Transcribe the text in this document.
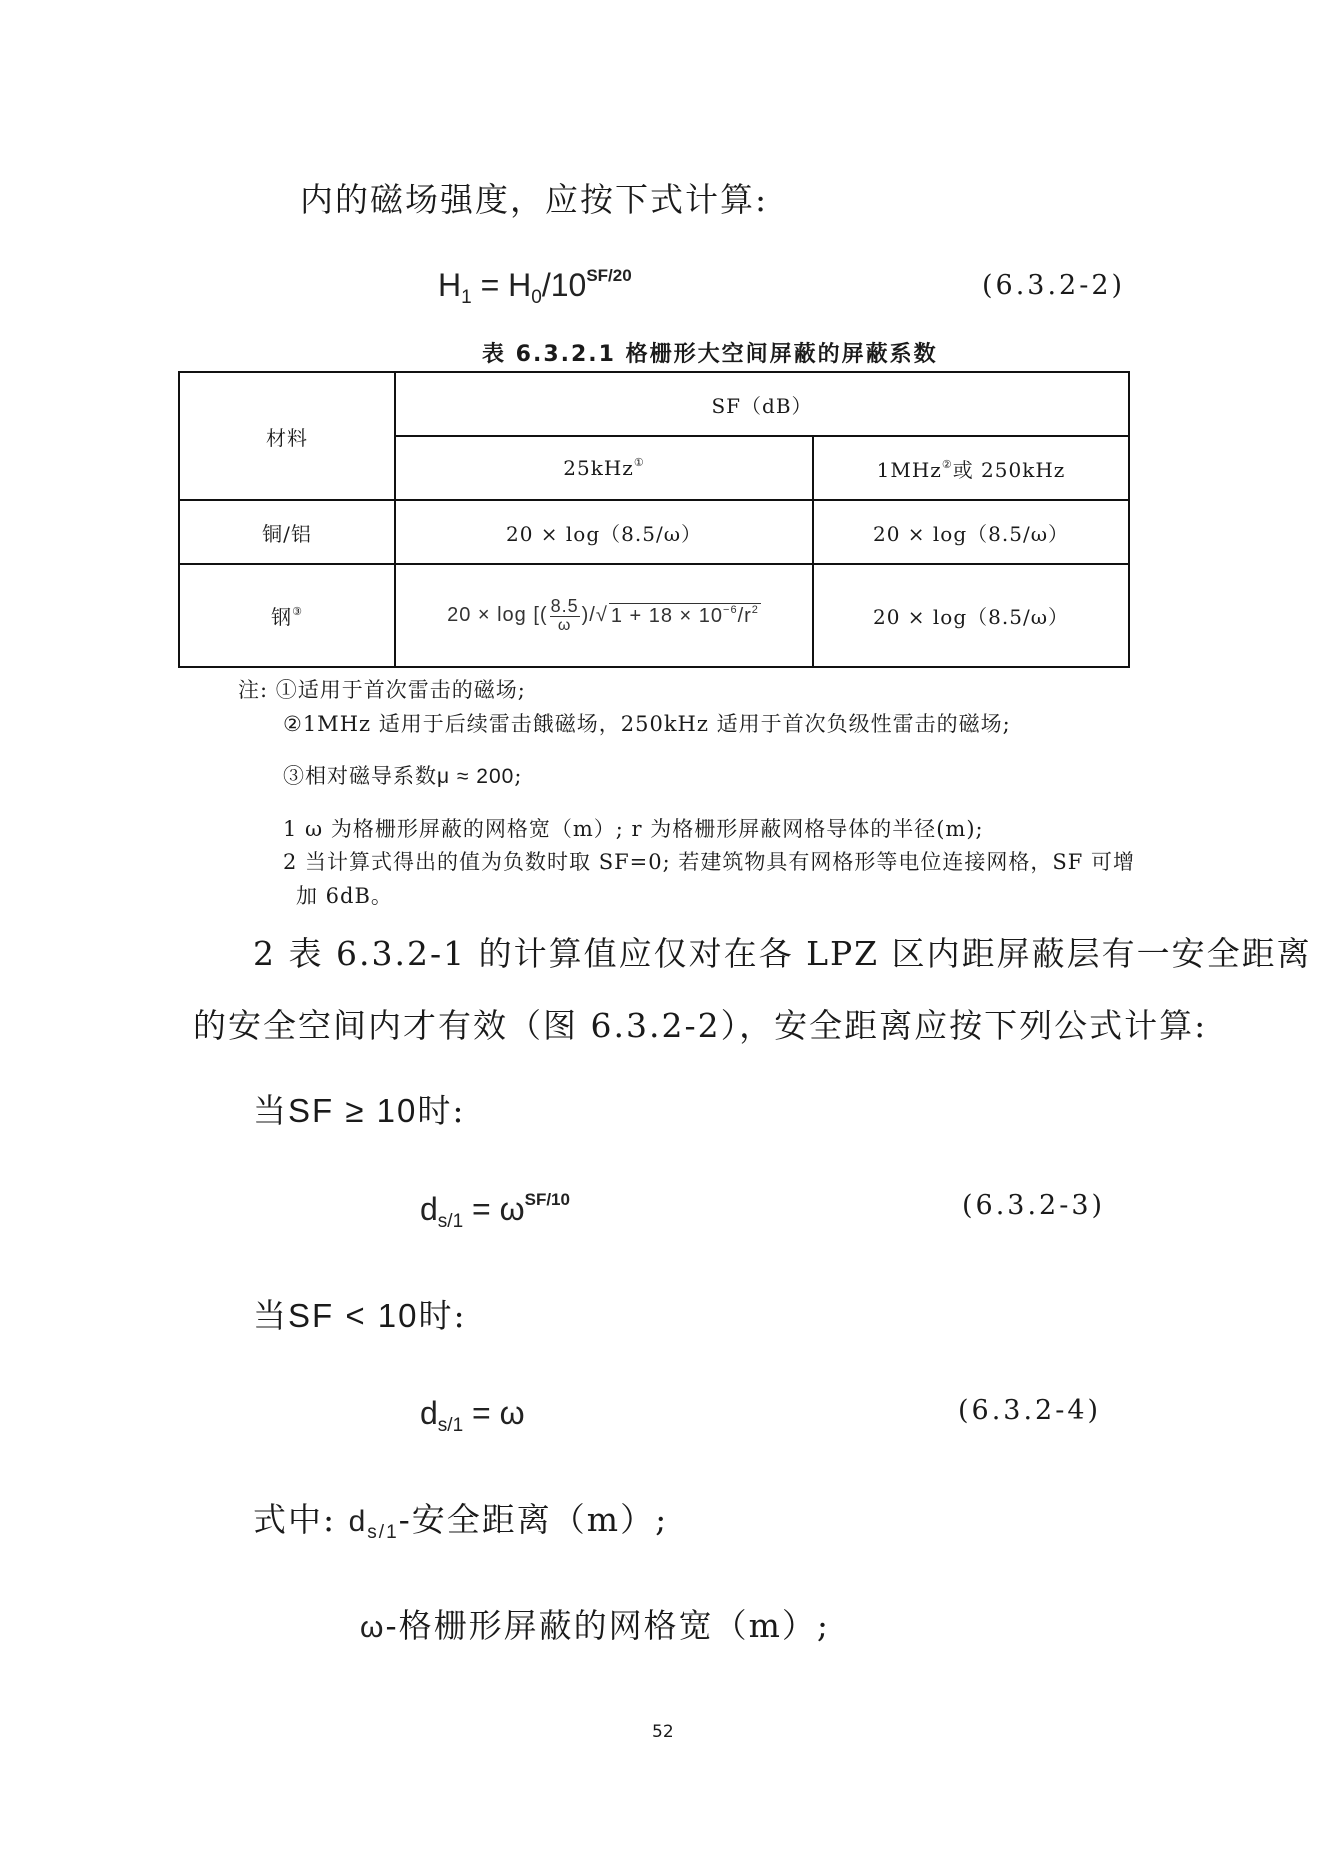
内的磁场强度，应按下式计算:
$H_1 = H_0/10^{SF/20}$	(6.3.2-2)
表 6.3.2.1 格栅形大空间屏蔽的屏蔽系数
材料	SF（dB）	
	25kHz①	1MHz②或 250kHz
铜/铝	20 × log（8.5/ω）	20 × log（8.5/ω）
钢③	20 × log [( $\frac{8.5}{\omega}$ )/√ $1 + 18 \times 10^{-6}/r^2$	20 × log（8.5/ω）
注: ①适用于首次雷击的磁场;
②1MHz 适用于后续雷击餓磁场，250kHz 适用于首次负级性雷击的磁场;
③相对磁导系数μ ≈ 200;
1 ω 为格栅形屏蔽的网格宽（m）; r 为格栅形屏蔽网格导体的半径(m);
2 当计算式得出的值为负数时取 SF=0; 若建筑物具有网格形等电位连接网格，SF 可增
加 6dB。
2 表 6.3.2-1 的计算值应仅对在各 LPZ 区内距屏蔽层有一安全距离
的安全空间内才有效（图 6.3.2-2），安全距离应按下列公式计算:
当SF ≥ 10时:
$d_{s/1} = \omega^{SF/10}$	(6.3.2-3)
当SF < 10时:
$d_{s/1} = \omega$	(6.3.2-4)
式中: $d_{s/1}-$安全距离（m）;
ω-格栅形屏蔽的网格宽（m）;
52
